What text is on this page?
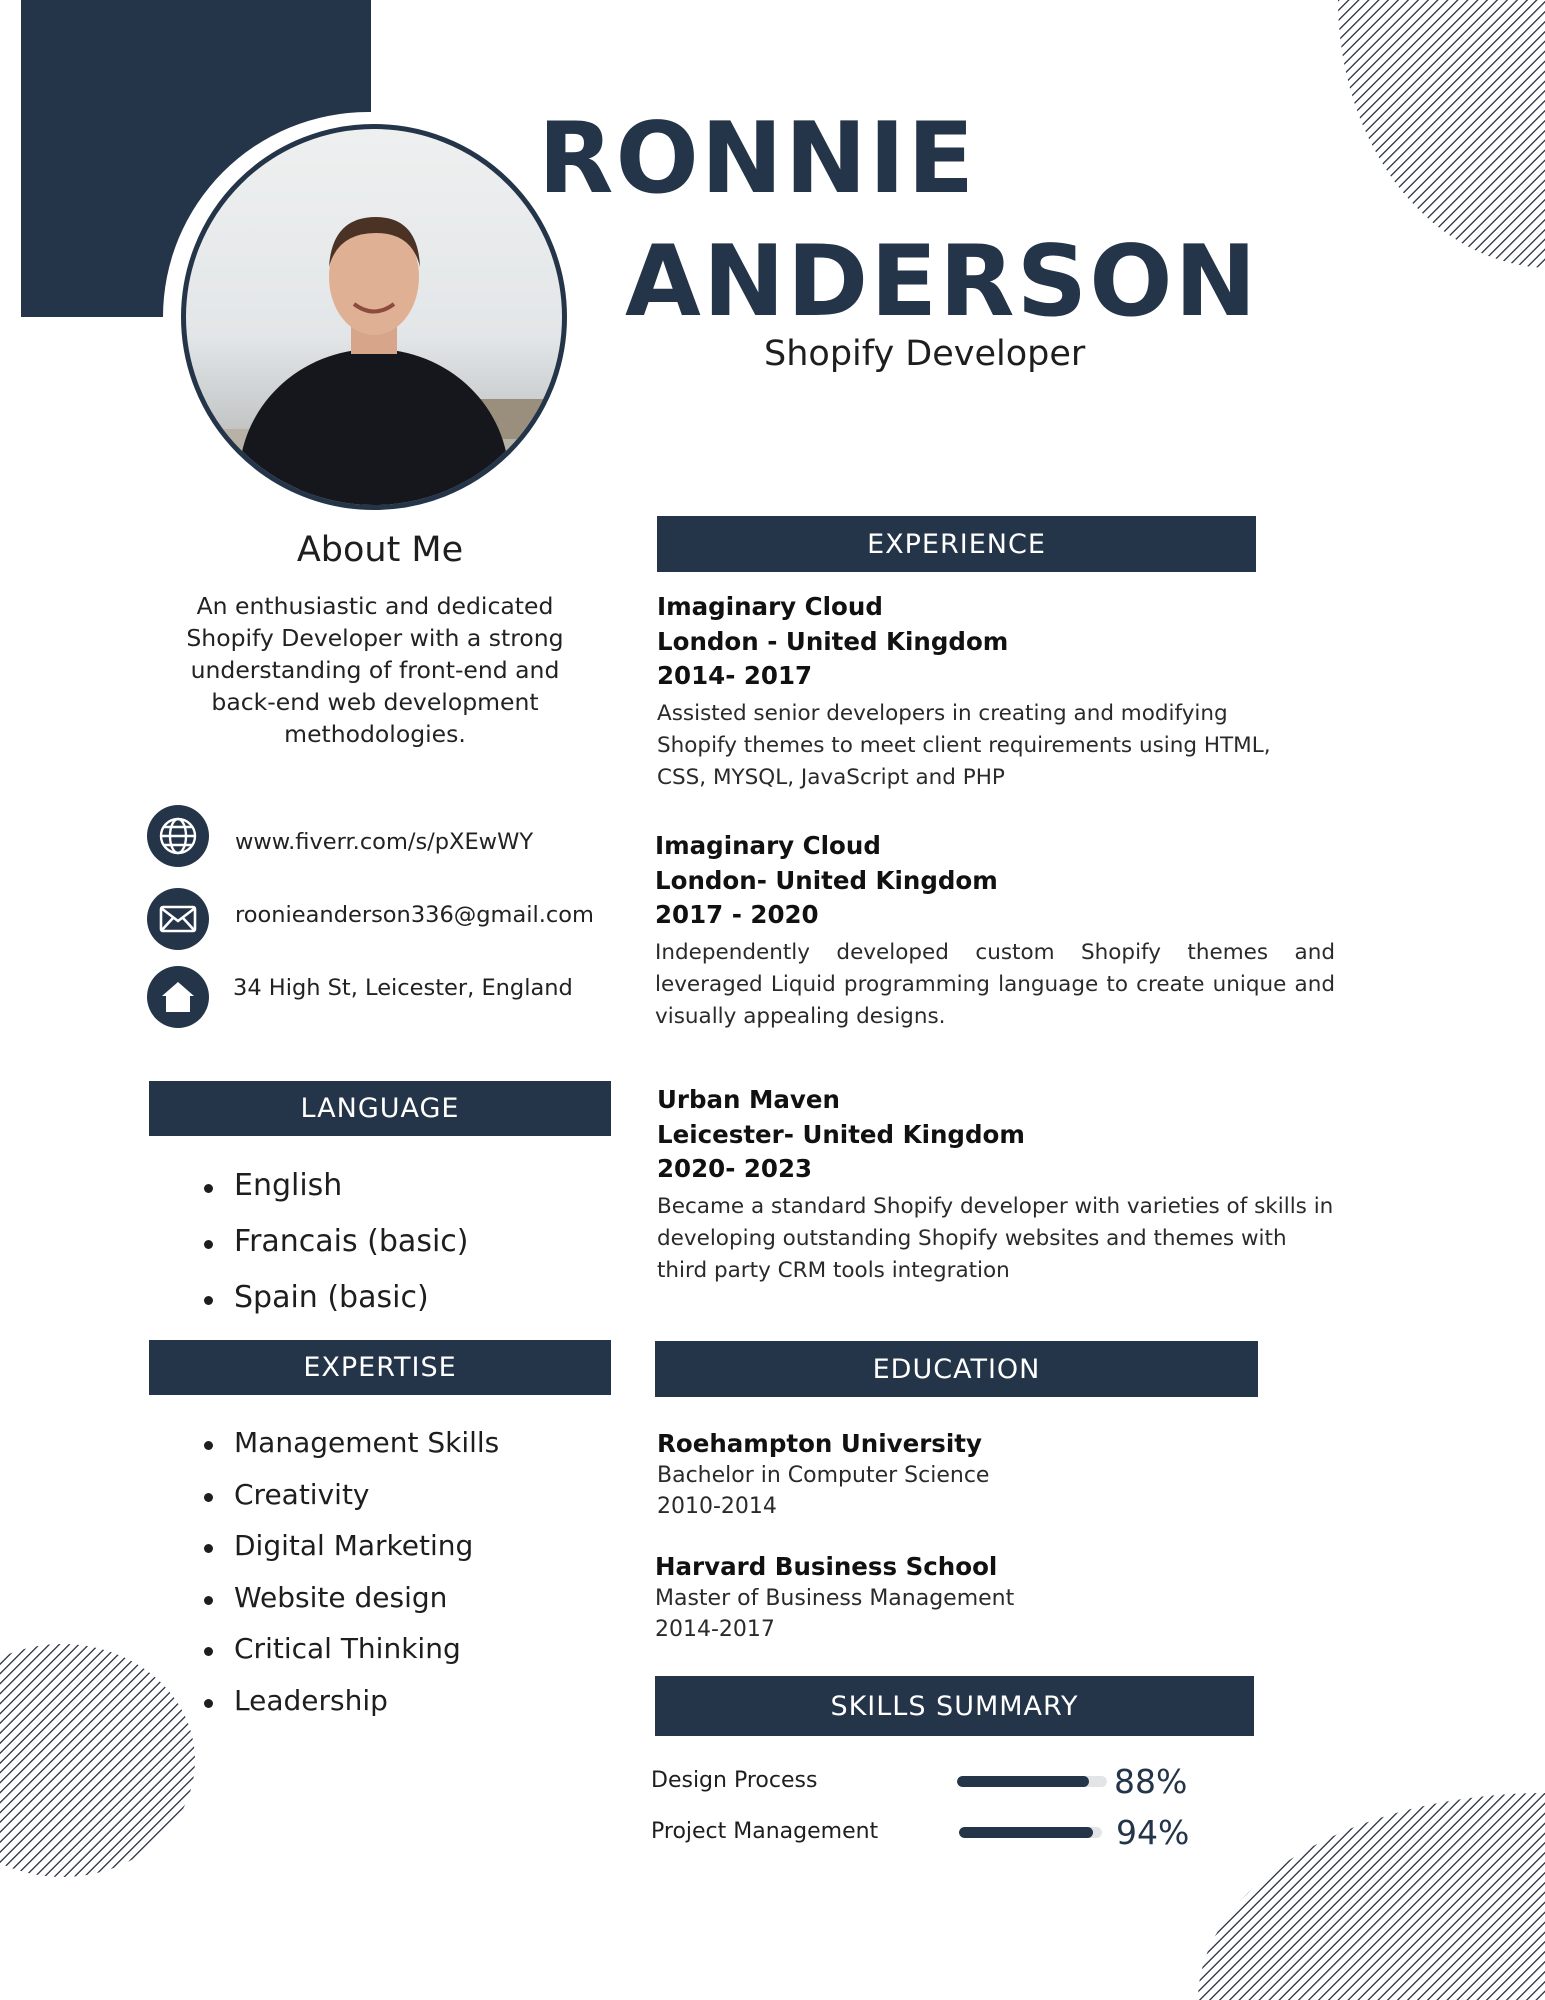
RONNIE
ANDERSON
Shopify Developer
About Me
An enthusiastic and dedicated Shopify Developer with a strong understanding of front-end and back-end web development methodologies.
www.fiverr.com/s/pXEwWY
roonieanderson336@gmail.com
34 High St, Leicester, England
LANGUAGE
English
Francais (basic)
Spain (basic)
EXPERTISE
Management Skills
Creativity
Digital Marketing
Website design
Critical Thinking
Leadership
EXPERIENCE
Imaginary Cloud
London - United Kingdom
2014- 2017
Assisted senior developers in creating and modifying Shopify themes to meet client requirements using HTML, CSS, MYSQL, JavaScript and PHP
Imaginary Cloud
London- United Kingdom
2017 - 2020
Independently developed custom Shopify themes and leveraged Liquid programming language to create unique and visually appealing designs.
Urban Maven
Leicester- United Kingdom
2020- 2023
Became a standard Shopify developer with varieties of skills in developing outstanding Shopify websites and themes with third party CRM tools integration
EDUCATION
Roehampton University
Bachelor in Computer Science
2010-2014
Harvard Business School
Master of Business Management
2014-2017
SKILLS SUMMARY
Design Process	88%
Project Management	94%
